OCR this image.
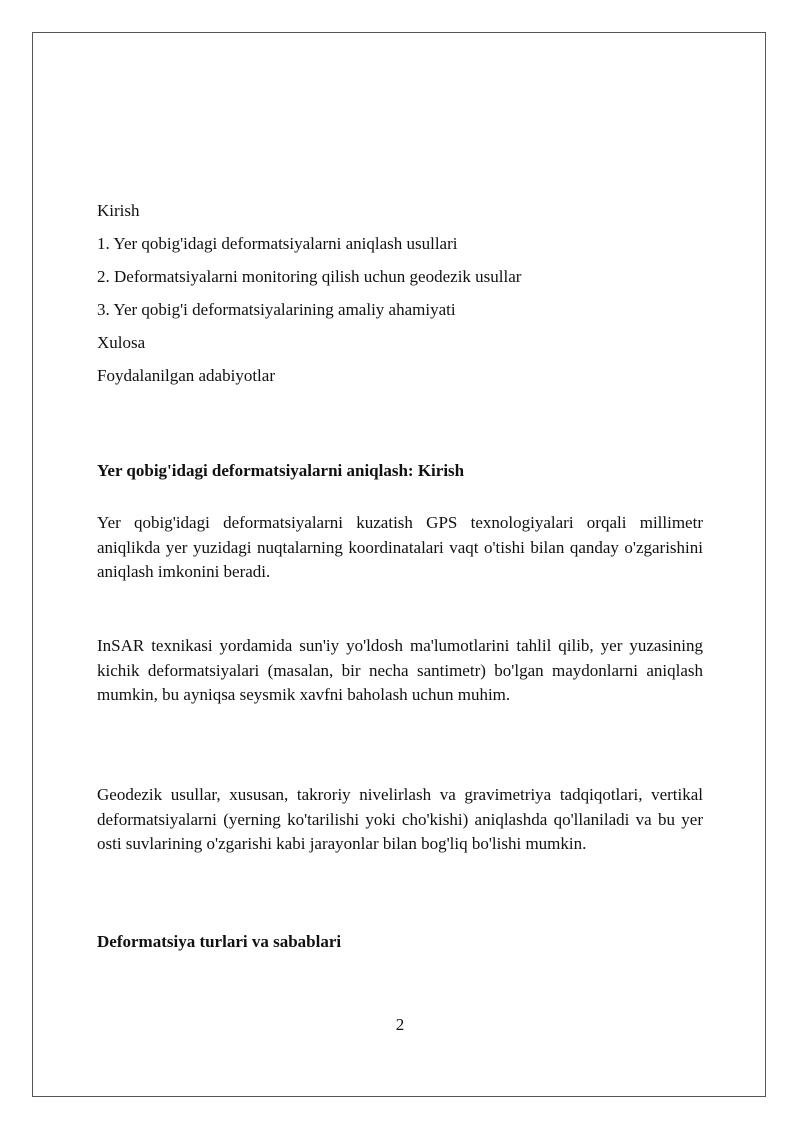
Kirish
1. Yer qobig'idagi deformatsiyalarni aniqlash usullari
2. Deformatsiyalarni monitoring qilish uchun geodezik usullar
3. Yer qobig'i deformatsiyalarining amaliy ahamiyati
Xulosa
Foydalanilgan adabiyotlar
Yer qobig'idagi deformatsiyalarni aniqlash: Kirish
Yer qobig'idagi deformatsiyalarni kuzatish GPS texnologiyalari orqali millimetr aniqlikda yer yuzidagi nuqtalarning koordinatalari vaqt o'tishi bilan qanday o'zgarishini aniqlash imkonini beradi.
InSAR texnikasi yordamida sun'iy yo'ldosh ma'lumotlarini tahlil qilib, yer yuzasining kichik deformatsiyalari (masalan, bir necha santimetr) bo'lgan maydonlarni aniqlash mumkin, bu ayniqsa seysmik xavfni baholash uchun muhim.
Geodezik usullar, xususan, takroriy nivelirlash va gravimetriya tadqiqotlari, vertikal deformatsiyalarni (yerning ko'tarilishi yoki cho'kishi) aniqlashda qo'llaniladi va bu yer osti suvlarining o'zgarishi kabi jarayonlar bilan bog'liq bo'lishi mumkin.
Deformatsiya turlari va sabablari
2
